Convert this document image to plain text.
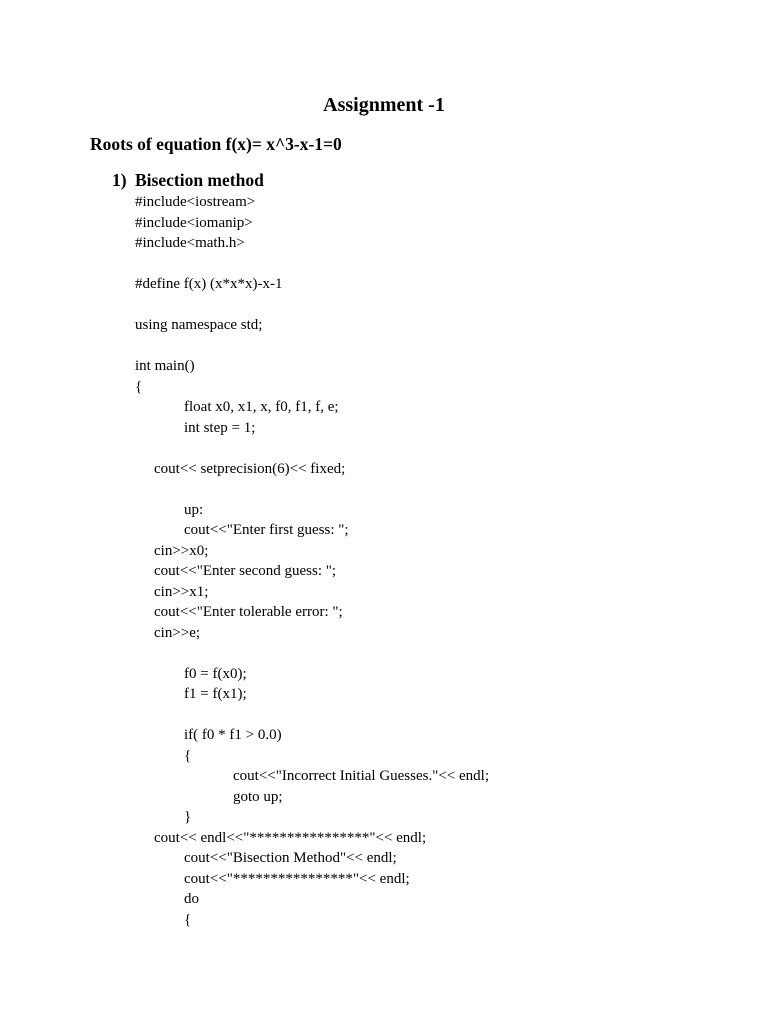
Assignment -1
Roots of equation f(x)= x^3-x-1=0
1) Bisection method
#include<iostream>
#include<iomanip>
#include<math.h>
#define f(x) (x*x*x)-x-1
using namespace std;
int main()
{
float x0, x1, x, f0, f1, f, e;
int step = 1;
cout<< setprecision(6)<< fixed;
up:
cout<<"Enter first guess: ";
cin>>x0;
cout<<"Enter second guess: ";
cin>>x1;
cout<<"Enter tolerable error: ";
cin>>e;
f0 = f(x0);
f1 = f(x1);
if( f0 * f1 > 0.0)
{
cout<<"Incorrect Initial Guesses."<< endl;
goto up;
}
cout<< endl<<"****************"<< endl;
cout<<"Bisection Method"<< endl;
cout<<"****************"<< endl;
do
{
